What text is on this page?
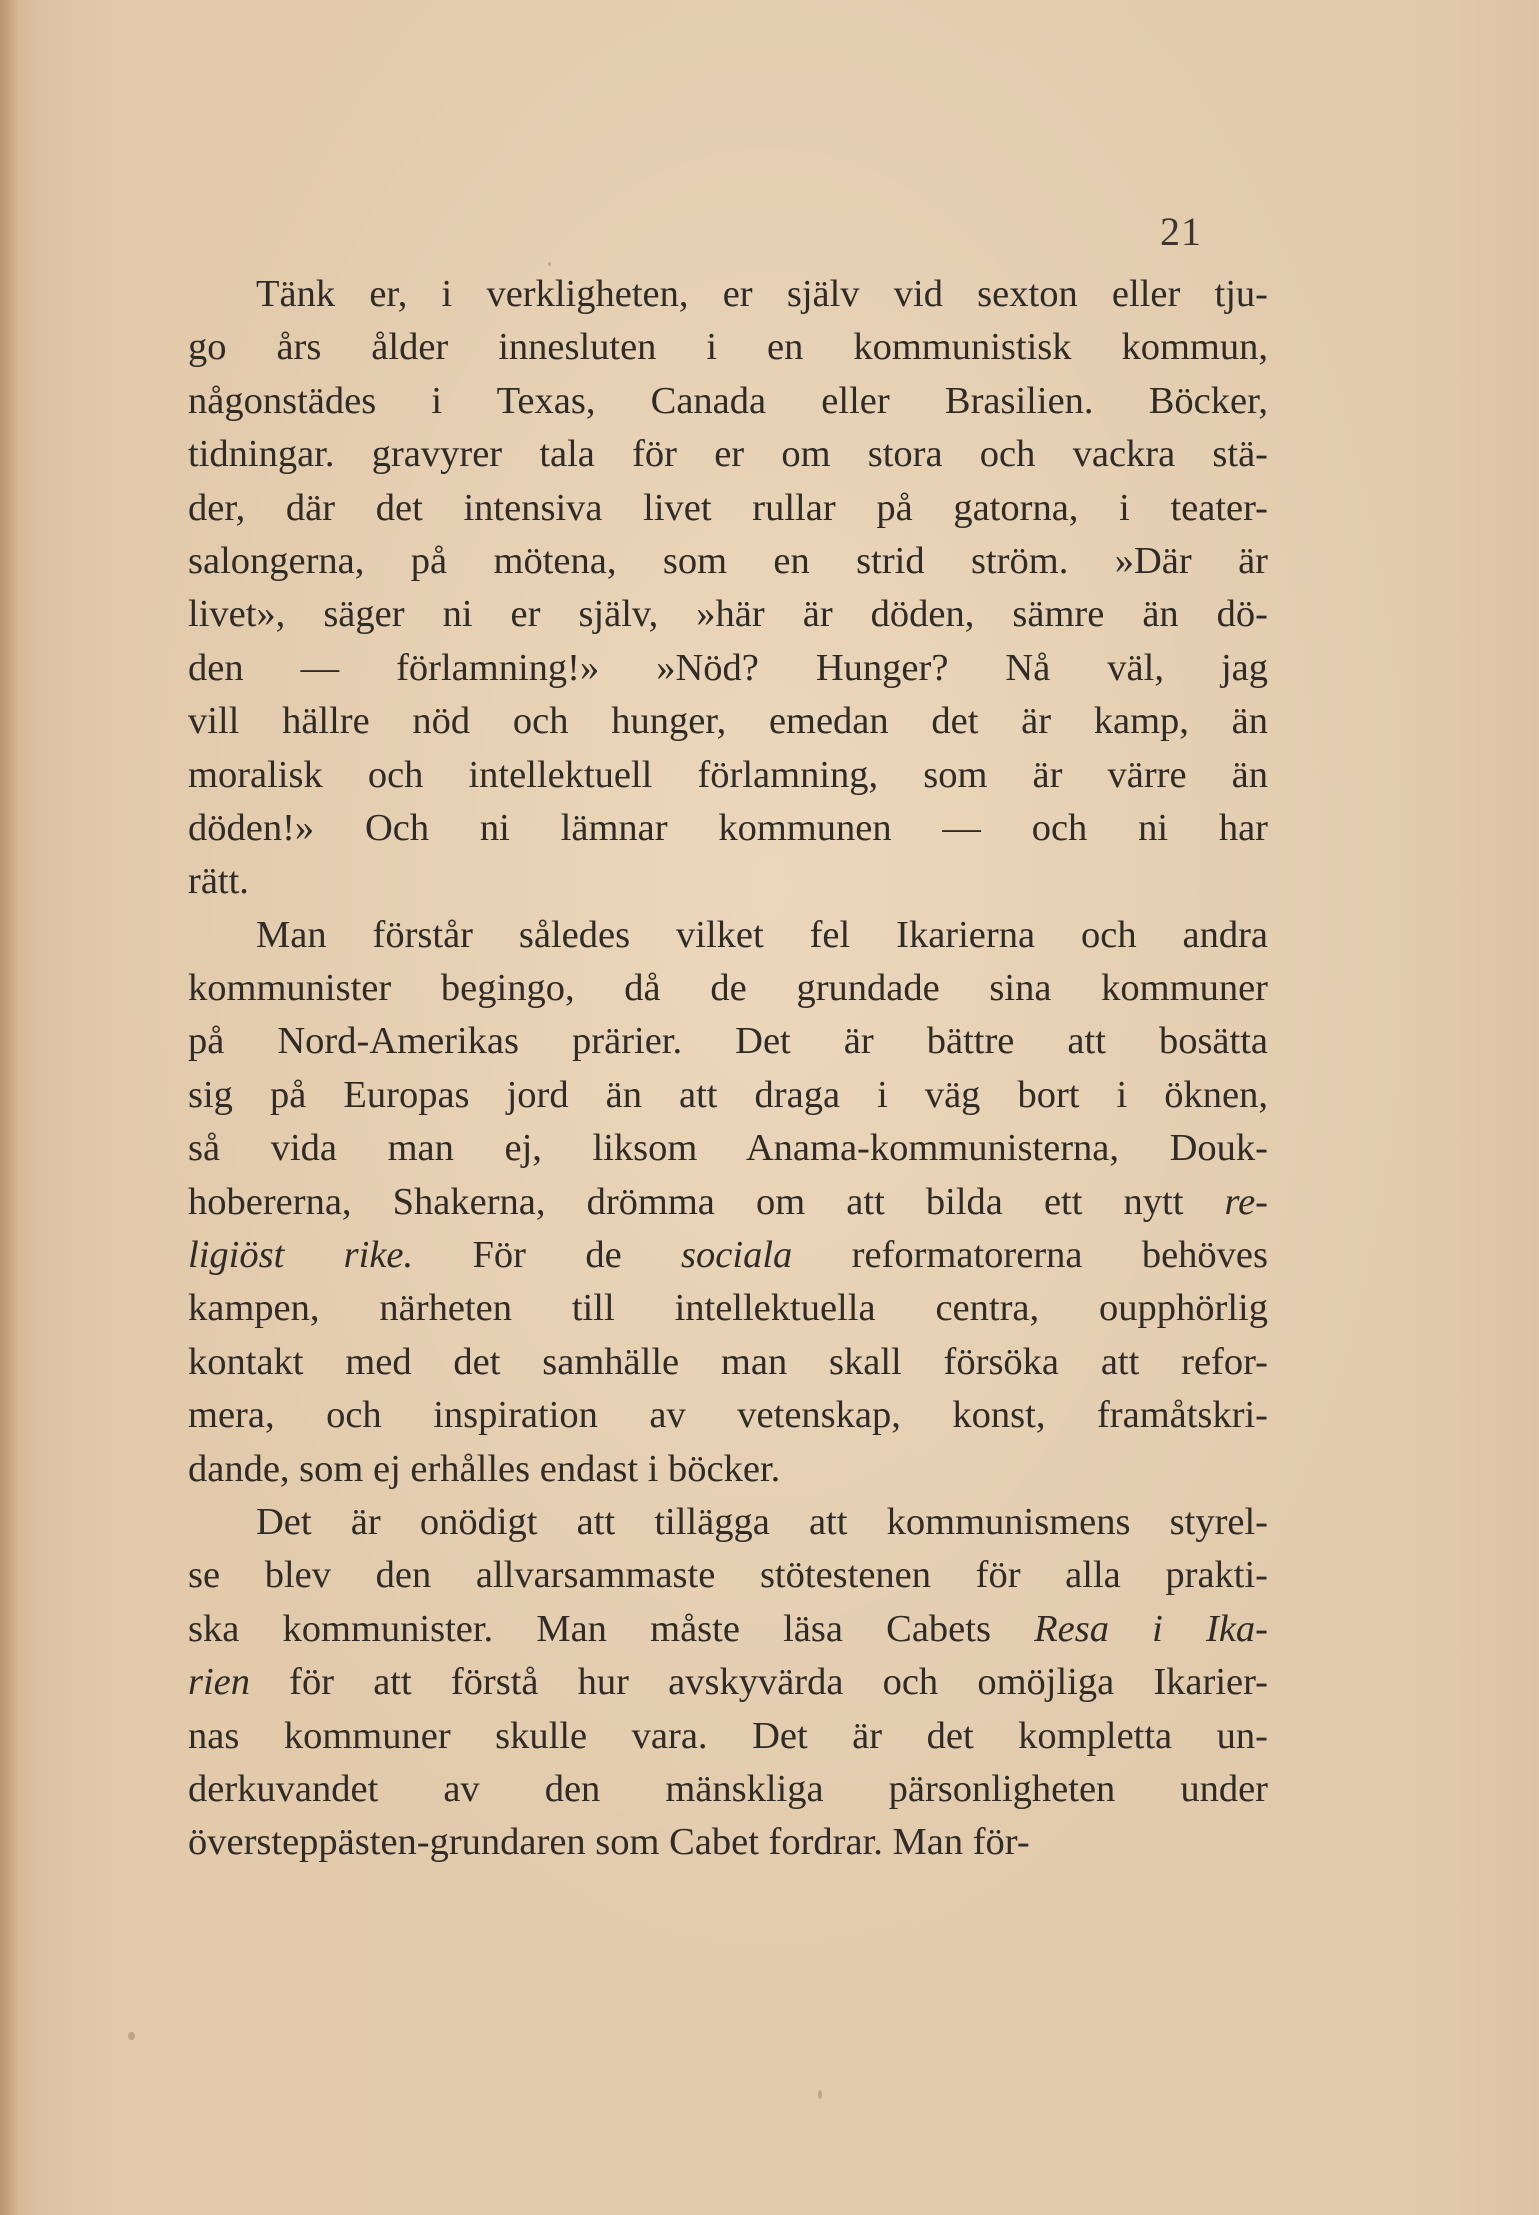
21
Tänk er, i verkligheten, er själv vid sexton eller tju-
go års ålder innesluten i en kommunistisk kommun,
någonstädes i Texas, Canada eller Brasilien. Böcker,
tidningar. gravyrer tala för er om stora och vackra stä-
der, där det intensiva livet rullar på gatorna, i teater-
salongerna, på mötena, som en strid ström. »Där är
livet», säger ni er själv, »här är döden, sämre än dö-
den — förlamning!» »Nöd? Hunger? Nå väl, jag
vill hällre nöd och hunger, emedan det är kamp, än
moralisk och intellektuell förlamning, som är värre än
döden!» Och ni lämnar kommunen — och ni har
rätt.
Man förstår således vilket fel Ikarierna och andra
kommunister begingo, då de grundade sina kommuner
på Nord-Amerikas prärier. Det är bättre att bosätta
sig på Europas jord än att draga i väg bort i öknen,
så vida man ej, liksom Anama-kommunisterna, Douk-
hobererna, Shakerna, drömma om att bilda ett nytt re-
ligiöst rike. För de sociala reformatorerna behöves
kampen, närheten till intellektuella centra, oupphörlig
kontakt med det samhälle man skall försöka att refor-
mera, och inspiration av vetenskap, konst, framåtskri-
dande, som ej erhålles endast i böcker.
Det är onödigt att tillägga att kommunismens styrel-
se blev den allvarsammaste stötestenen för alla prakti-
ska kommunister. Man måste läsa Cabets Resa i Ika-
rien för att förstå hur avskyvärda och omöjliga Ikarier-
nas kommuner skulle vara. Det är det kompletta un-
derkuvandet av den mänskliga pärsonligheten under
överstepрästen-grundaren som Cabet fordrar. Man för-
